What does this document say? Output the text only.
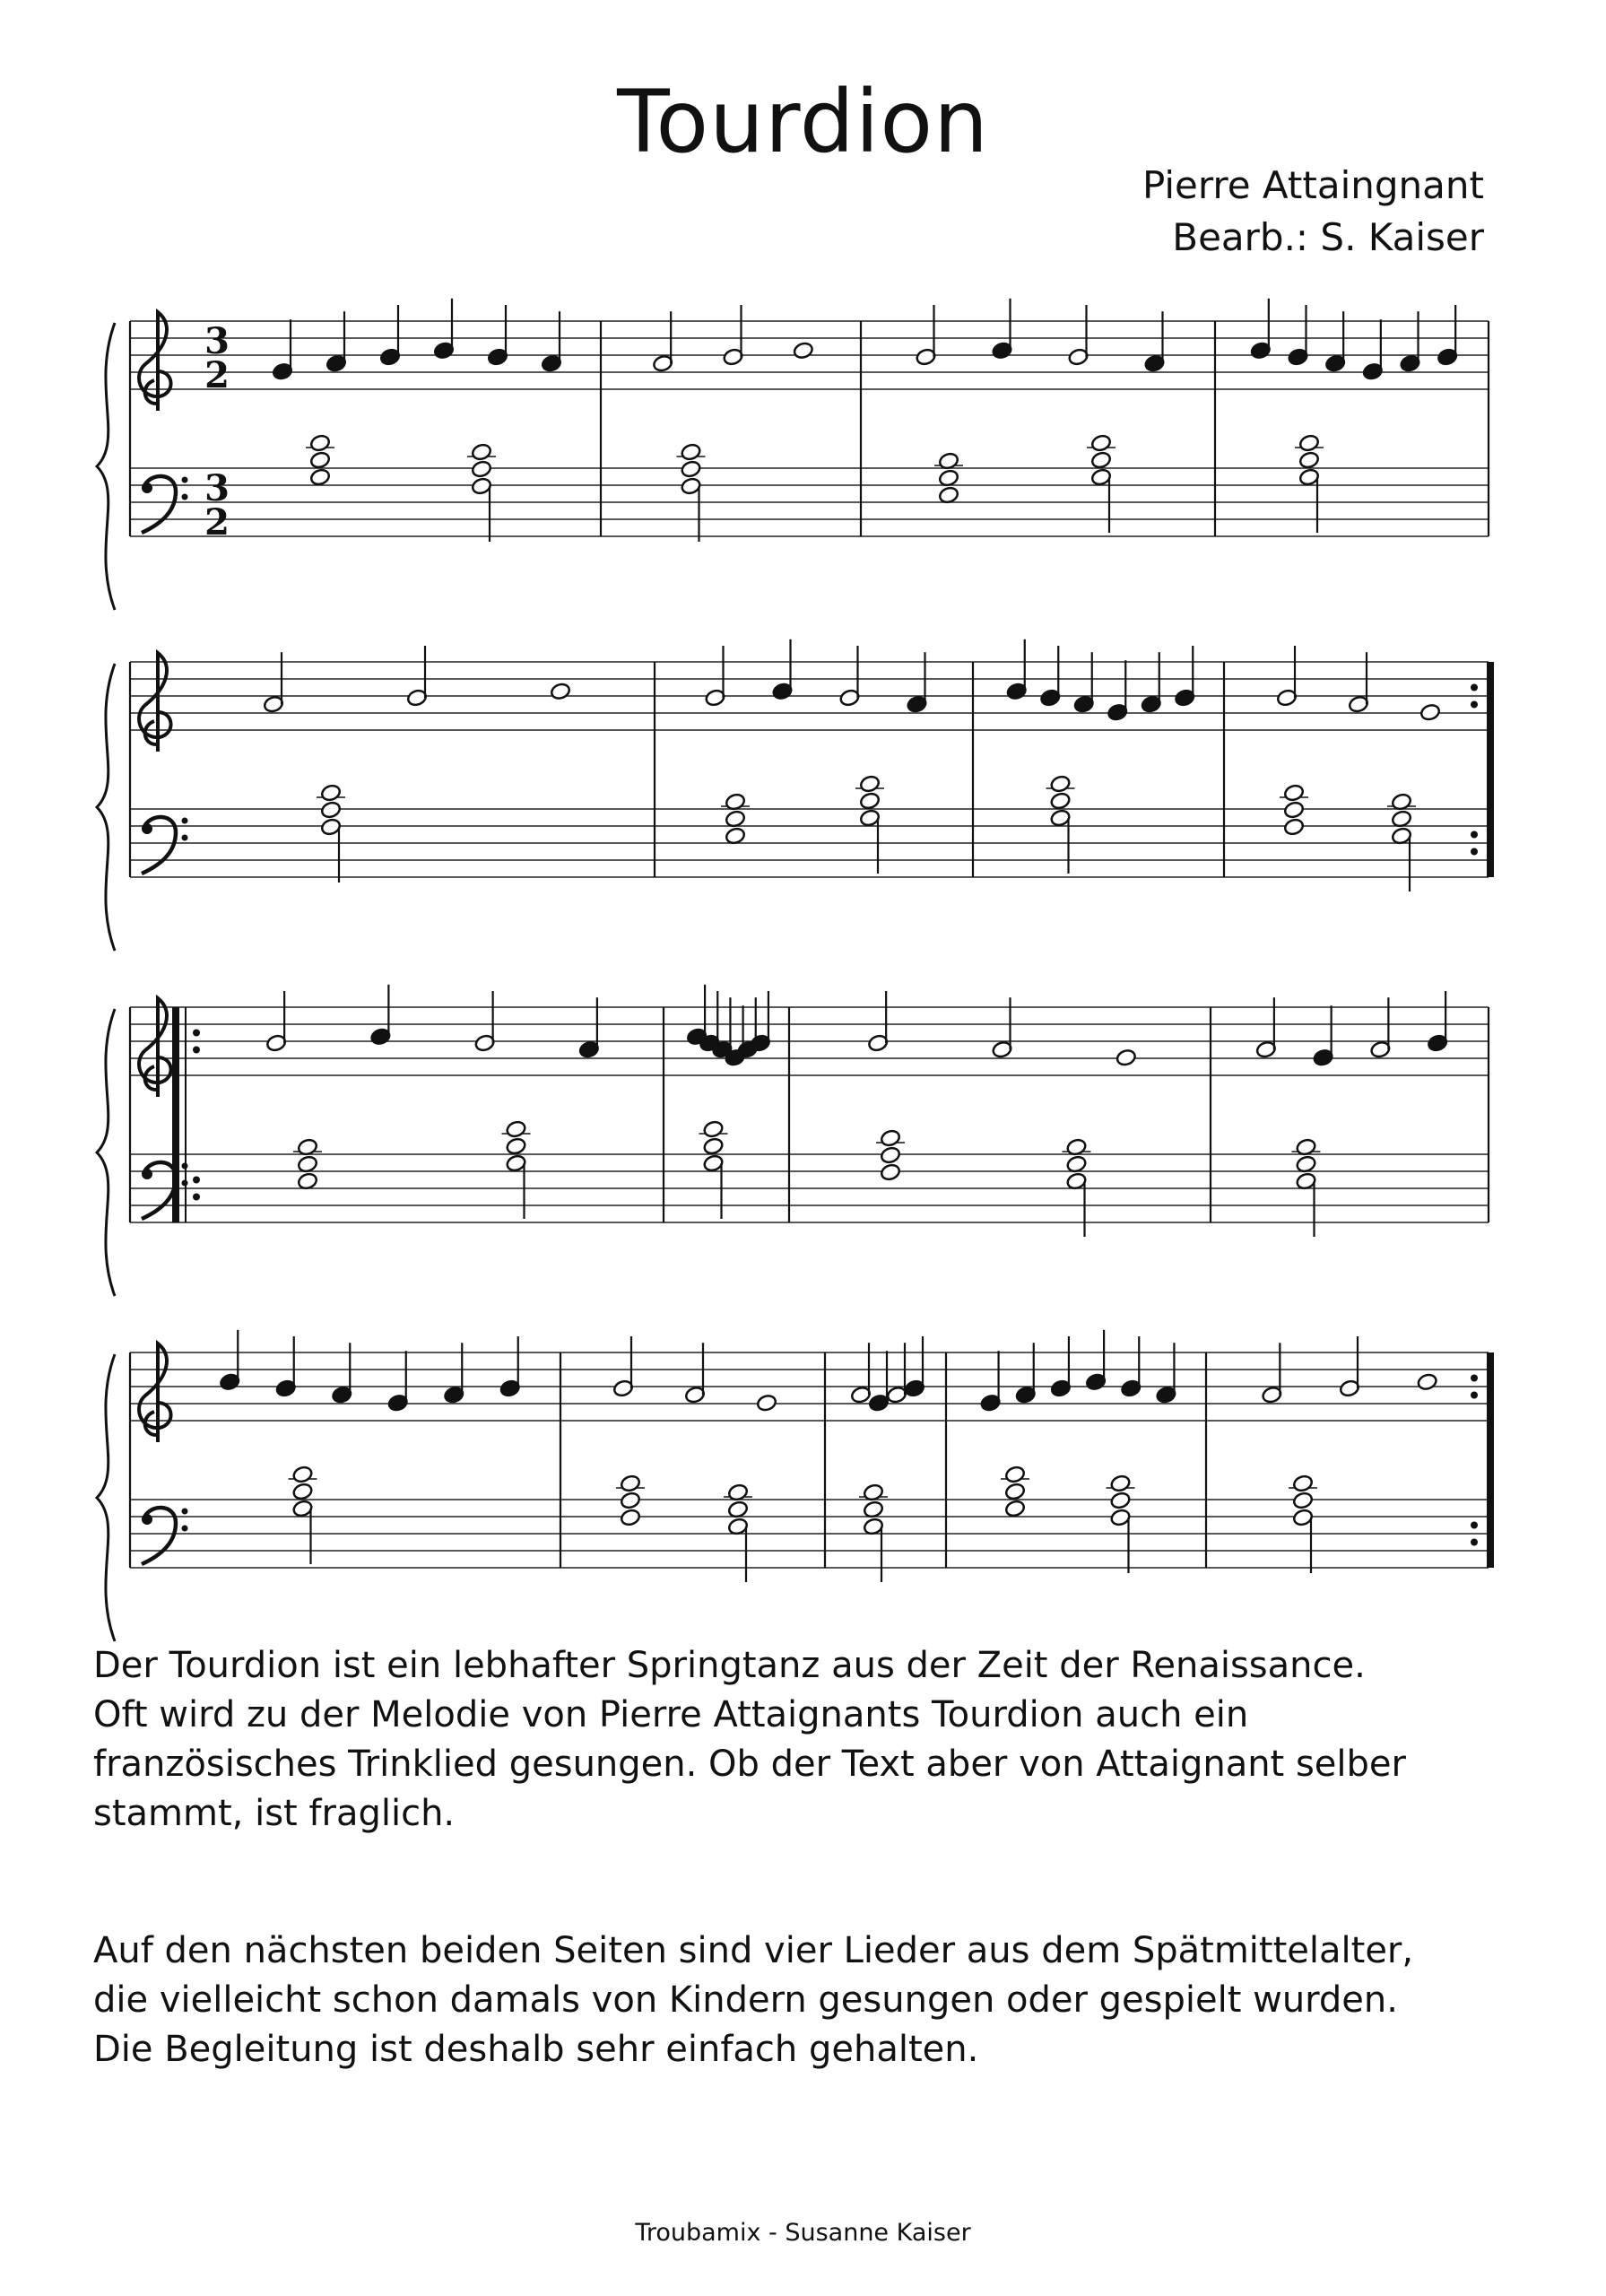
Tourdion
Pierre Attaingnant
Bearb.: S. Kaiser
3
2
3
2

Der Tourdion ist ein lebhafter Springtanz aus der Zeit der Renaissance.

Oft wird zu der Melodie von Pierre Attaignants Tourdion auch ein

französisches Trinklied gesungen. Ob der Text aber von Attaignant selber

stammt, ist fraglich.

Auf den nächsten beiden Seiten sind vier Lieder aus dem Spätmittelalter,

die vielleicht schon damals von Kindern gesungen oder gespielt wurden.

Die Begleitung ist deshalb sehr einfach gehalten.

Troubamix - Susanne Kaiser
